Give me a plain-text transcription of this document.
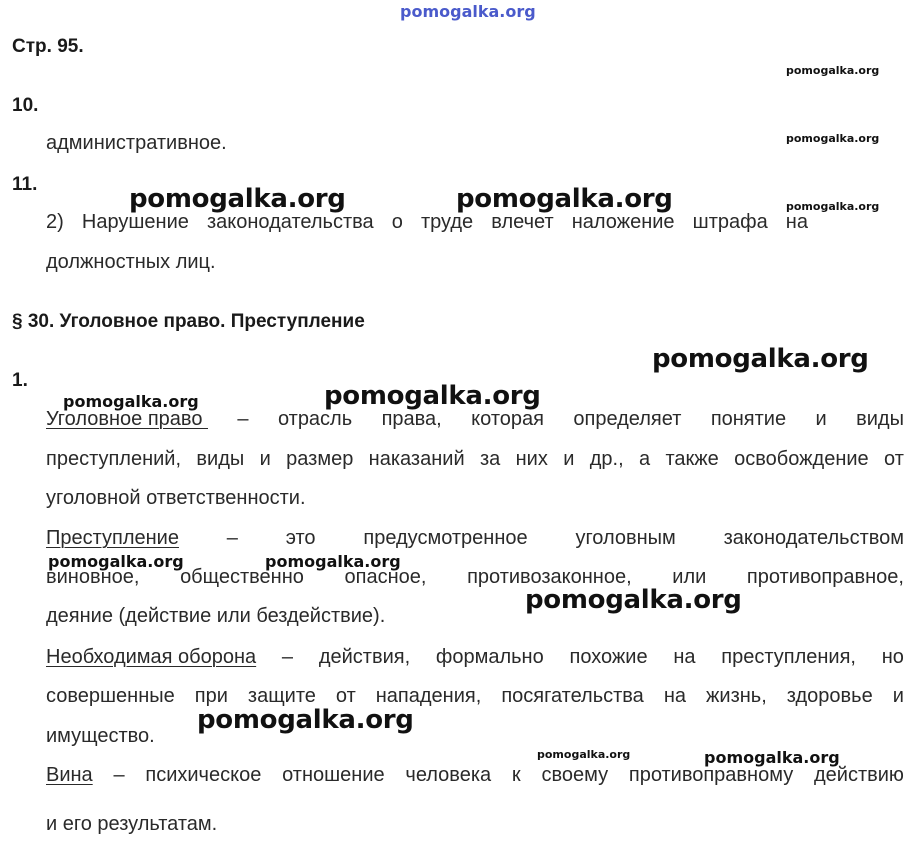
pomogalka.org
Стр. 95.
10.
административное.
11.
2) Нарушение законодательства о труде влечет наложение штрафа на
должностных лиц.
§ 30. Уголовное право. Преступление
1.
Уголовное право – отрасль права, которая определяет понятие и виды
преступлений, виды и размер наказаний за них и др., а также освобождение от
уголовной ответственности.
Преступление – это предусмотренное уголовным законодательством
виновное, общественно опасное, противозаконное, или противоправное,
деяние (действие или бездействие).
Необходимая оборона – действия, формально похожие на преступления, но
совершенные при защите от нападения, посягательства на жизнь, здоровье и
имущество.
Вина – психическое отношение человека к своему противоправному действию
и его результатам.
pomogalka.org
pomogalka.org
pomogalka.org
pomogalka.org	pomogalka.org
pomogalka.org
pomogalka.org	pomogalka.org
pomogalka.org	pomogalka.org
pomogalka.org
pomogalka.org
pomogalka.org	pomogalka.org
